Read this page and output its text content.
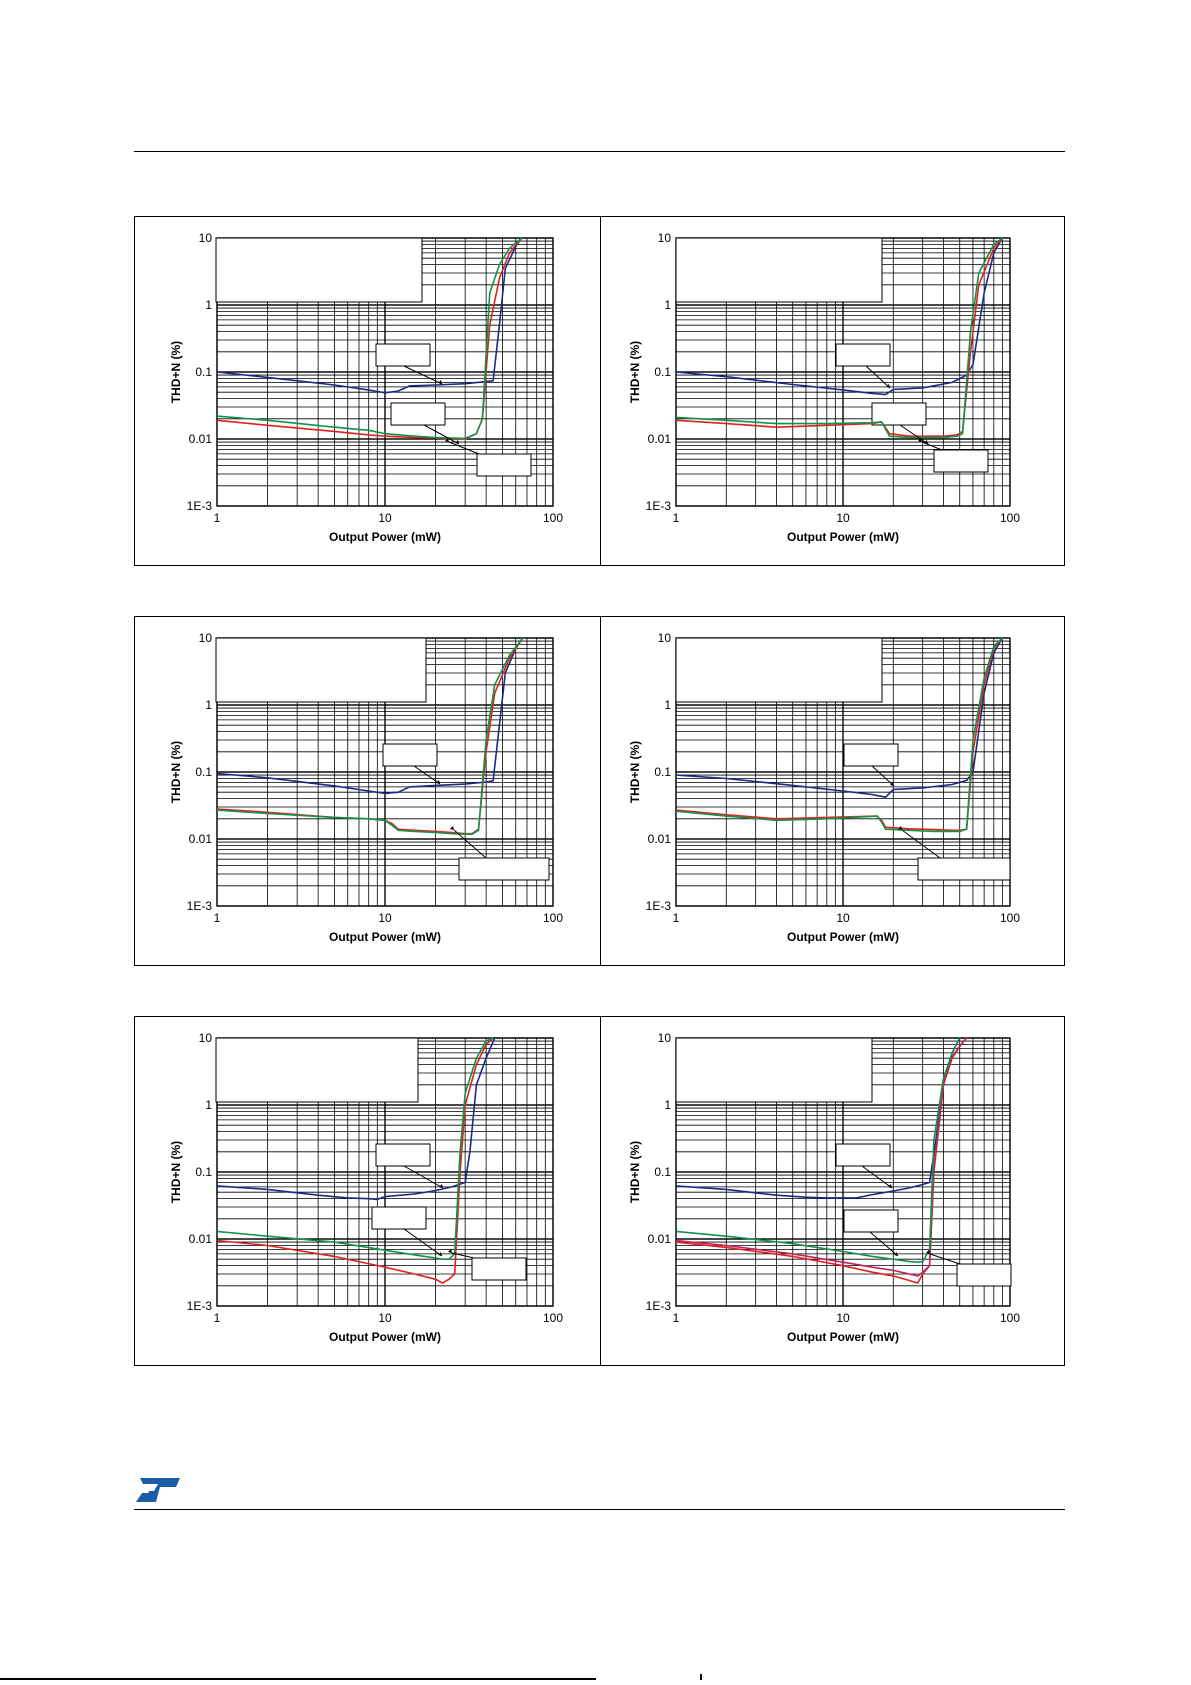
1E-3
0.01
0.1
1
10
1	10	100
Output Power (mW)
THD+N (%)
1E-3
0.01
0.1
1
10
1	10	100
Output Power (mW)
THD+N (%)
1E-3
0.01
0.1
1
10
1	10	100
Output Power (mW)
THD+N (%)
1E-3
0.01
0.1
1
10
1	10	100
Output Power (mW)
THD+N (%)
1E-3
0.01
0.1
1
10
1	10	100
Output Power (mW)
THD+N (%)
1E-3
0.01
0.1
1
10
1	10	100
Output Power (mW)
THD+N (%)
